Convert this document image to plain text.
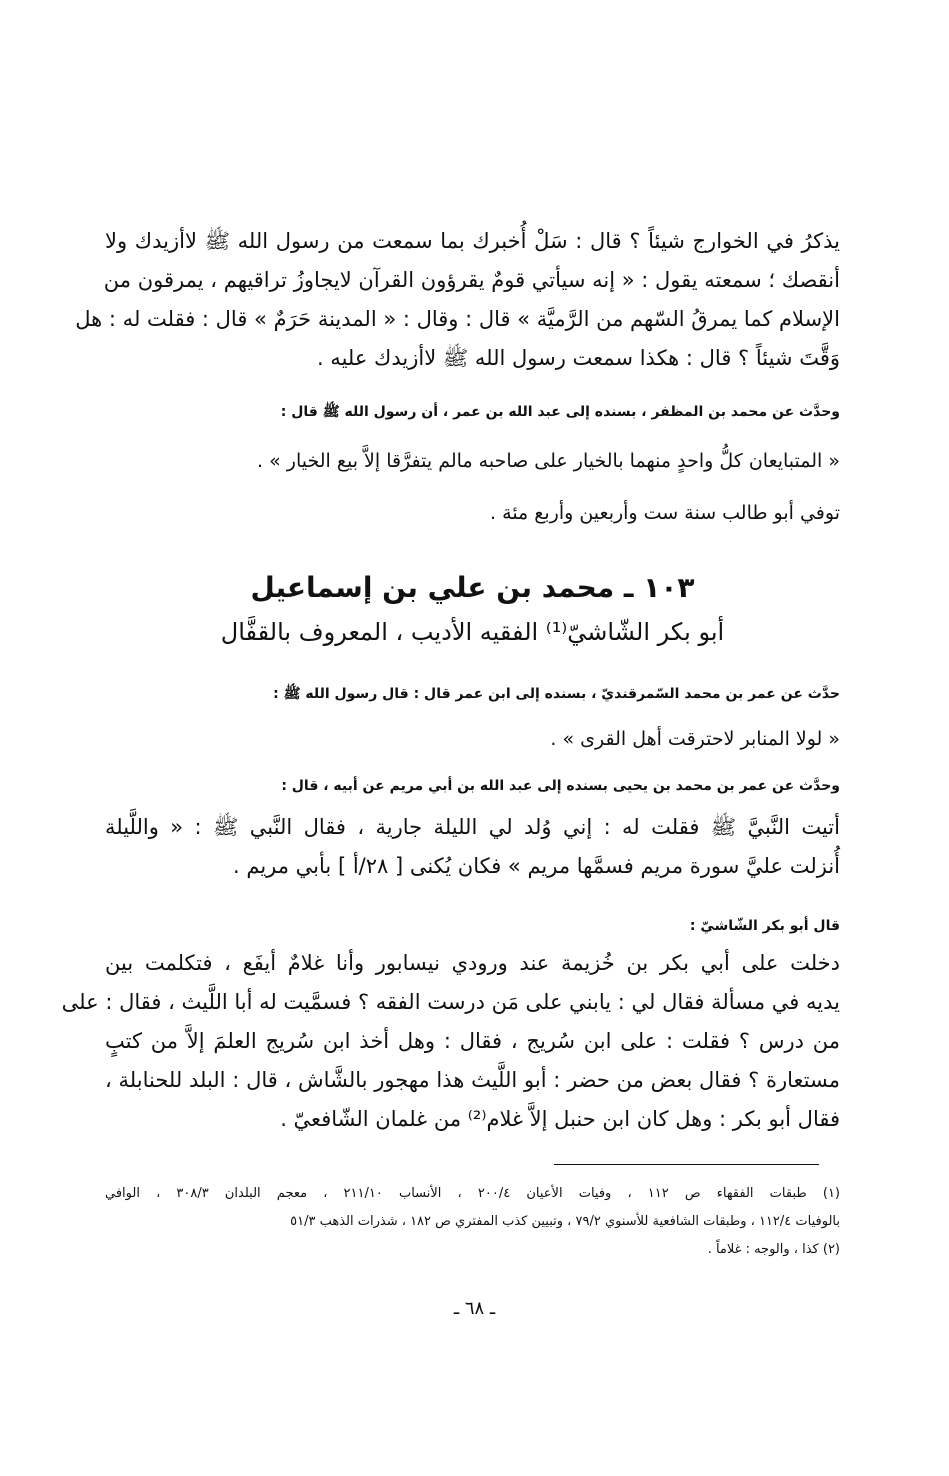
يذكرُ في الخوارج شيئاً ؟ قال : سَلْ أُخبرك بما سمعت من رسول الله ﷺ لاأزيدك ولا
أنقصك ؛ سمعته يقول : « إنه سيأتي قومٌ يقرؤون القرآن لايجاوزُ تراقيهم ، يمرقون من
الإسلام كما يمرقُ السّهم من الرَّميَّة » قال : وقال : « المدينة حَرَمٌ » قال : فقلت له : هل
وَقَّتَ شيئاً ؟ قال : هكذا سمعت رسول الله ﷺ لاأزيدك عليه .
وحدَّث عن محمد بن المظفر ، بسنده إلى عبد الله بن عمر ، أن رسول الله ﷺ قال :
« المتبايعان كلُّ واحدٍ منهما بالخيار على صاحبه مالم يتفرَّقا إلاَّ بيع الخيار » .
توفي أبو طالب سنة ست وأربعين وأربع مئة .
١٠٣ ـ محمد بن علي بن إسماعيل
أبو بكر الشّاشيّ⁽¹⁾ الفقيه الأديب ، المعروف بالقفَّال
حدَّث عن عمر بن محمد السّمرقنديّ ، بسنده إلى ابن عمر قال : قال رسول الله ﷺ :
« لولا المنابر لاحترقت أهل القرى » .
وحدَّث عن عمر بن محمد بن يحيى بسنده إلى عبد الله بن أبي مريم عن أبيه ، قال :
أتيت النَّبيَّ ﷺ فقلت له : إني وُلد لي الليلة جارية ، فقال النَّبي ﷺ : « واللَّيلة
أُنزلت عليَّ سورة مريم فسمَّها مريم » فكان يُكنى [ ٢٨/أ ] بأبي مريم .
قال أبو بكر الشّاشيّ :
دخلت على أبي بكر بن خُزيمة عند ورودي نيسابور وأنا غلامٌ أيفَع ، فتكلمت بين
يديه في مسألة فقال لي : يابني على مَن درست الفقه ؟ فسمَّيت له أبا اللَّيث ، فقال : على
من درس ؟ فقلت : على ابن سُريج ، فقال : وهل أخذ ابن سُريج العلمَ إلاَّ من كتبٍ
مستعارة ؟ فقال بعض من حضر : أبو اللَّيث هذا مهجور بالشَّاش ، قال : البلد للحنابلة ،
فقال أبو بكر : وهل كان ابن حنبل إلاَّ غلام⁽²⁾ من غلمان الشّافعيّ .
(١) طبقات الفقهاء ص ١١٢ ، وفيات الأعيان ٢٠٠/٤ ، الأنساب ٢١١/١٠ ، معجم البلدان ٣٠٨/٣ ، الوافي
بالوفيات ١١٢/٤ ، وطبقات الشافعية للأسنوي ٧٩/٢ ، وتبيين كذب المفتري ص ١٨٢ ، شذرات الذهب ٥١/٣
(٢) كذا ، والوجه : غلاماً .
ـ ٦٨ ـ
